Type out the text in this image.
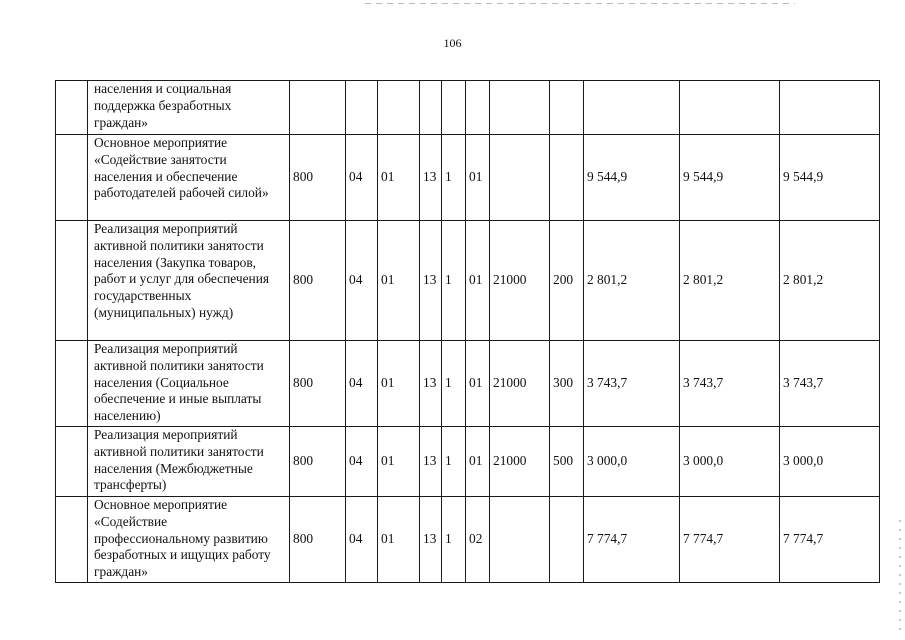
106
	населения и социальная поддержка безработных граждан»											
	Основное мероприятие «Содействие занятости населения и обеспечение работодателей рабочей силой»	800	04	01	13	1	01			9 544,9	9 544,9	9 544,9
	Реализация мероприятий активной политики занятости населения (Закупка товаров, работ и услуг для обеспечения государственных (муниципальных) нужд)	800	04	01	13	1	01	21000	200	2 801,2	2 801,2	2 801,2
	Реализация мероприятий активной политики занятости населения (Социальное обеспечение и иные выплаты населению)	800	04	01	13	1	01	21000	300	3 743,7	3 743,7	3 743,7
	Реализация мероприятий активной политики занятости населения (Межбюджетные трансферты)	800	04	01	13	1	01	21000	500	3 000,0	3 000,0	3 000,0
	Основное мероприятие «Содействие профессиональному развитию безработных и ищущих работу граждан»	800	04	01	13	1	02			7 774,7	7 774,7	7 774,7
